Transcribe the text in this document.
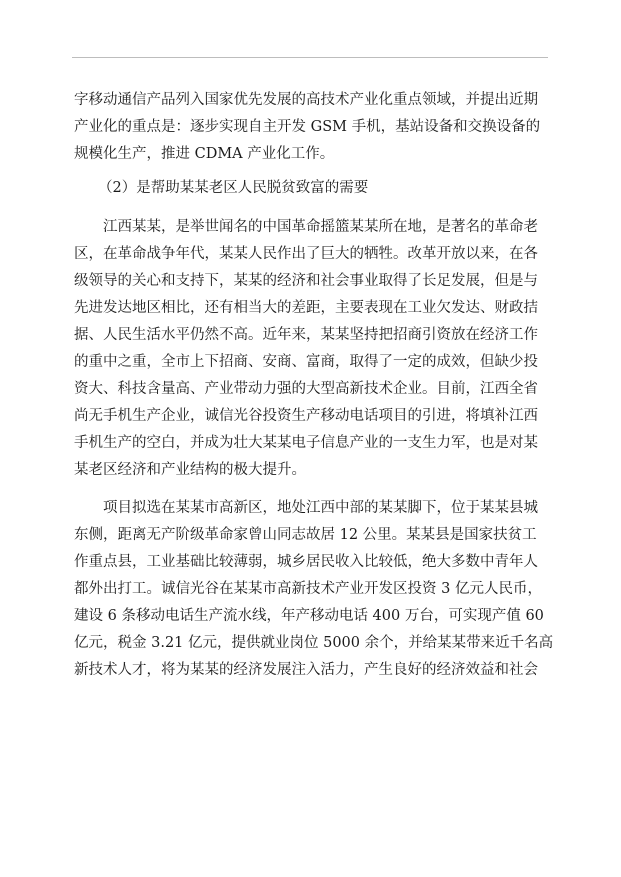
字移动通信产品列入国家优先发展的高技术产业化重点领域，并提出近期
产业化的重点是：逐步实现自主开发 GSM 手机，基站设备和交换设备的
规模化生产，推进 CDMA 产业化工作。
（2）是帮助某某老区人民脱贫致富的需要
江西某某，是举世闻名的中国革命摇篮某某所在地，是著名的革命老
区，在革命战争年代，某某人民作出了巨大的牺牲。改革开放以来，在各
级领导的关心和支持下，某某的经济和社会事业取得了长足发展，但是与
先进发达地区相比，还有相当大的差距，主要表现在工业欠发达、财政拮
据、人民生活水平仍然不高。近年来，某某坚持把招商引资放在经济工作
的重中之重，全市上下招商、安商、富商，取得了一定的成效，但缺少投
资大、科技含量高、产业带动力强的大型高新技术企业。目前，江西全省
尚无手机生产企业，诚信光谷投资生产移动电话项目的引进，将填补江西
手机生产的空白，并成为壮大某某电子信息产业的一支生力军，也是对某
某老区经济和产业结构的极大提升。
项目拟选在某某市高新区，地处江西中部的某某脚下，位于某某县城
东侧，距离无产阶级革命家曾山同志故居 12 公里。某某县是国家扶贫工
作重点县，工业基础比较薄弱，城乡居民收入比较低，绝大多数中青年人
都外出打工。诚信光谷在某某市高新技术产业开发区投资 3 亿元人民币，
建设 6 条移动电话生产流水线，年产移动电话 400 万台，可实现产值 60
亿元，税金 3.21 亿元，提供就业岗位 5000 余个，并给某某带来近千名高
新技术人才，将为某某的经济发展注入活力，产生良好的经济效益和社会
